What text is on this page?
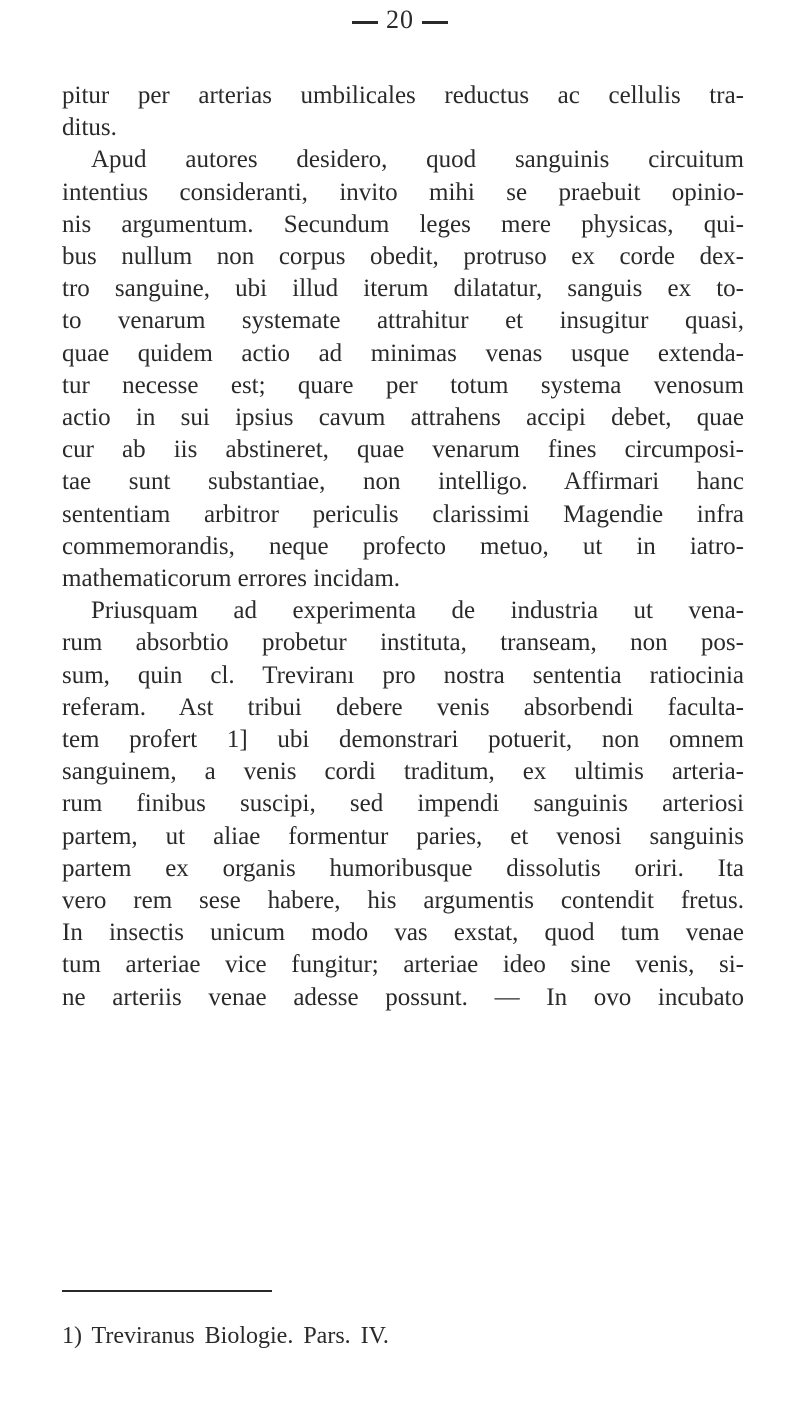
20
pitur per arterias umbilicales reductus ac cellulis tra-
ditus.
Apud autores desidero, quod sanguinis circuitum
intentius consideranti, invito mihi se praebuit opinio-
nis argumentum. Secundum leges mere physicas, qui-
bus nullum non corpus obedit, protruso ex corde dex-
tro sanguine, ubi illud iterum dilatatur, sanguis ex to-
to venarum systemate attrahitur et insugitur quasi,
quae quidem actio ad minimas venas usque extenda-
tur necesse est; quare per totum systema venosum
actio in sui ipsius cavum attrahens accipi debet, quae
cur ab iis abstineret, quae venarum fines circumposi-
tae sunt substantiae, non intelligo. Affirmari hanc
sententiam arbitror periculis clarissimi Magendie infra
commemorandis, neque profecto metuo, ut in iatro-
mathematicorum errores incidam.
Priusquam ad experimenta de industria ut vena-
rum absorbtio probetur instituta, transeam, non pos-
sum, quin cl. Treviranı pro nostra sententia ratiocinia
referam. Ast tribui debere venis absorbendi faculta-
tem profert 1] ubi demonstrari potuerit, non omnem
sanguinem, a venis cordi traditum, ex ultimis arteria-
rum finibus suscipi, sed impendi sanguinis arteriosi
partem, ut aliae formentur paries, et venosi sanguinis
partem ex organis humoribusque dissolutis oriri. Ita
vero rem sese habere, his argumentis contendit fretus.
In insectis unicum modo vas exstat, quod tum venae
tum arteriae vice fungitur; arteriae ideo sine venis, si-
ne arteriis venae adesse possunt. — In ovo incubato
1) Treviranus Biologie. Pars. IV.
